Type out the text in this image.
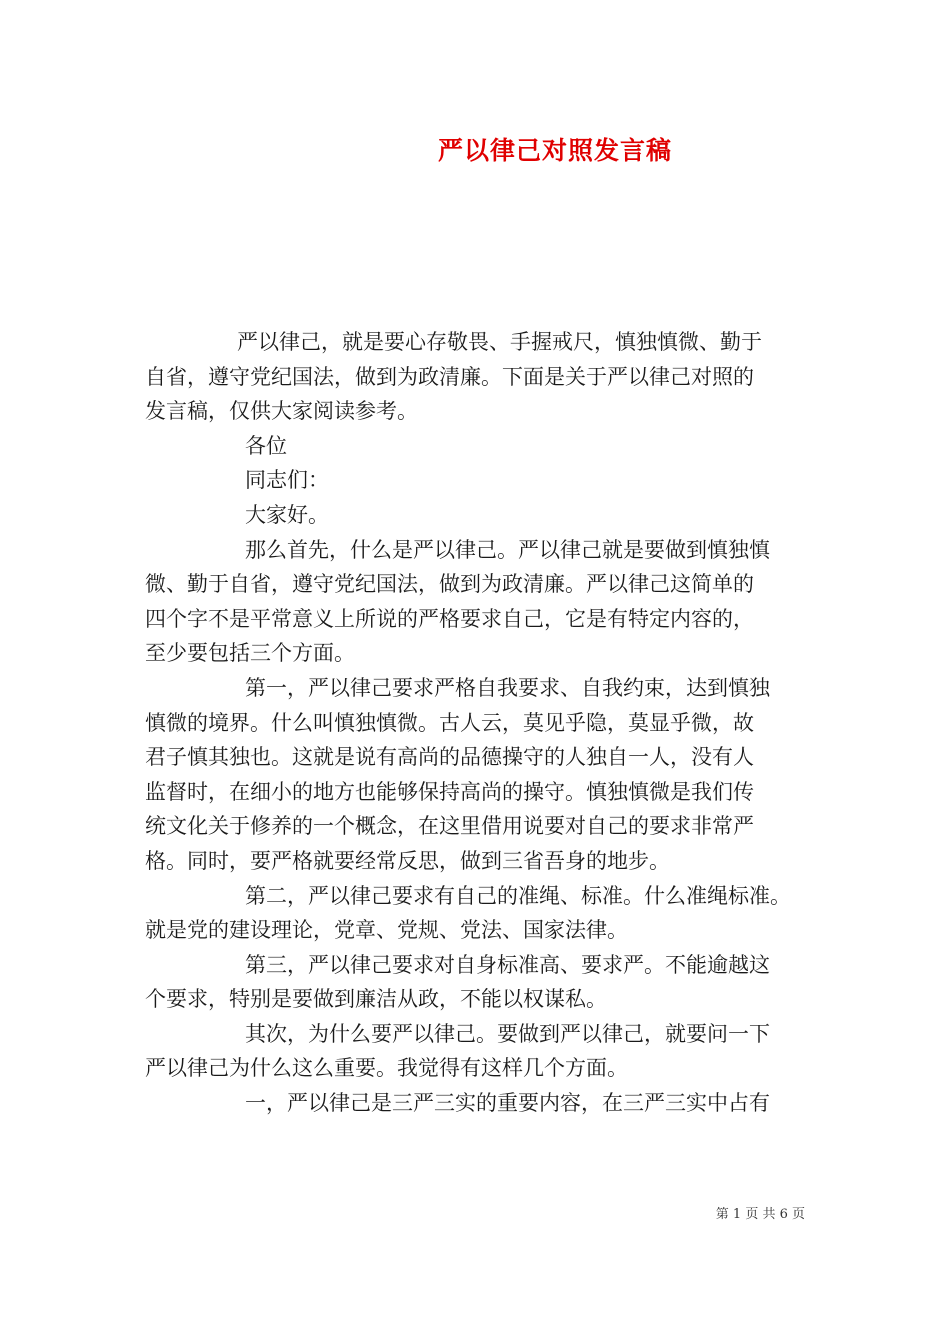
严以律己对照发言稿
严以律己，就是要心存敬畏、手握戒尺，慎独慎微、勤于
自省，遵守党纪国法，做到为政清廉。下面是关于严以律己对照的
发言稿，仅供大家阅读参考。
各位
同志们：
大家好。
那么首先，什么是严以律己。严以律己就是要做到慎独慎
微、勤于自省，遵守党纪国法，做到为政清廉。严以律己这简单的
四个字不是平常意义上所说的严格要求自己，它是有特定内容的，
至少要包括三个方面。
第一，严以律己要求严格自我要求、自我约束，达到慎独
慎微的境界。什么叫慎独慎微。古人云，莫见乎隐，莫显乎微，故
君子慎其独也。这就是说有高尚的品德操守的人独自一人，没有人
监督时，在细小的地方也能够保持高尚的操守。慎独慎微是我们传
统文化关于修养的一个概念，在这里借用说要对自己的要求非常严
格。同时，要严格就要经常反思，做到三省吾身的地步。
第二，严以律己要求有自己的准绳、标准。什么准绳标准。
就是党的建设理论，党章、党规、党法、国家法律。
第三，严以律己要求对自身标准高、要求严。不能逾越这
个要求，特别是要做到廉洁从政，不能以权谋私。
其次，为什么要严以律己。要做到严以律己，就要问一下
严以律己为什么这么重要。我觉得有这样几个方面。
一，严以律己是三严三实的重要内容，在三严三实中占有
第 1 页 共 6 页
